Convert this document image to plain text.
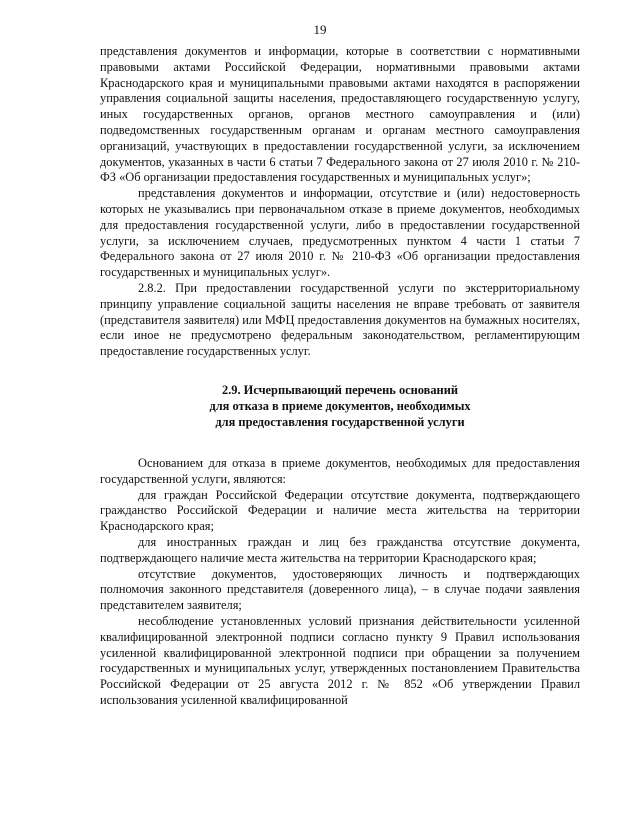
19

представления документов и информации, которые в соответствии с нормативными правовыми актами Российской Федерации, нормативными правовыми актами Краснодарского края и муниципальными правовыми актами находятся в распоряжении управления социальной защиты населения, предоставляющего государственную услугу, иных государственных органов, органов местного самоуправления и (или) подведомственных государственным органам и органам местного самоуправления организаций, участвующих в предоставлении государственной услуги, за исключением документов, указанных в части 6 статьи 7 Федерального закона от 27 июля 2010 г. № 210-ФЗ «Об организации предоставления государственных и муниципальных услуг»;

представления документов и информации, отсутствие и (или) недостоверность которых не указывались при первоначальном отказе в приеме документов, необходимых для предоставления государственной услуги, либо в предоставлении государственной услуги, за исключением случаев, предусмотренных пунктом 4 части 1 статьи 7 Федерального закона от 27 июля 2010 г. № 210-ФЗ «Об организации предоставления государственных и муниципальных услуг».

2.8.2. При предоставлении государственной услуги по экстерриториальному принципу управление социальной защиты населения не вправе требовать от заявителя (представителя заявителя) или МФЦ предоставления документов на бумажных носителях, если иное не предусмотрено федеральным законодательством, регламентирующим предоставление государственных услуг.

2.9. Исчерпывающий перечень оснований
для отказа в приеме документов, необходимых
для предоставления государственной услуги

Основанием для отказа в приеме документов, необходимых для предоставления государственной услуги, являются:

для граждан Российской Федерации отсутствие документа, подтверждающего гражданство Российской Федерации и наличие места жительства на территории Краснодарского края;

для иностранных граждан и лиц без гражданства отсутствие документа, подтверждающего наличие места жительства на территории Краснодарского края;

отсутствие документов, удостоверяющих личность и подтверждающих полномочия законного представителя (доверенного лица), – в случае подачи заявления представителем заявителя;

несоблюдение установленных условий признания действительности усиленной квалифицированной электронной подписи согласно пункту 9 Правил использования усиленной квалифицированной электронной подписи при обращении за получением государственных и муниципальных услуг, утвержденных постановлением Правительства Российской Федерации от 25 августа 2012 г. № 852 «Об утверждении Правил использования усиленной квалифицированной
